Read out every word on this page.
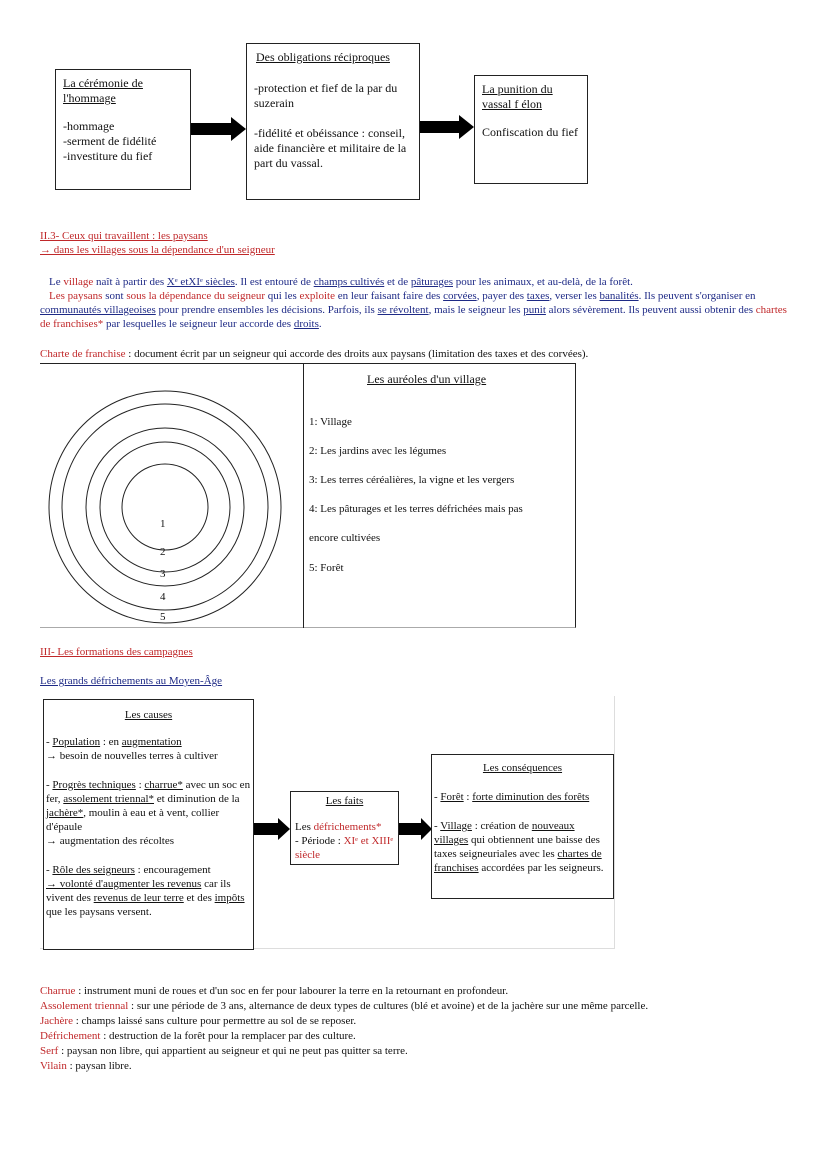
La cérémonie de l'hommage

-hommage

-serment de fidélité

-investiture du fief

Des obligations réciproques

-protection et fief de la par du suzerain

-fidélité et obéissance : conseil, aide financière et militaire de la part du vassal.

La punition du vassal f élon

Confiscation du fief

II.3- Ceux qui travaillent : les paysans

→ dans les villages sous la dépendance d'un seigneur

Le village naît à partir des Xᵉ etXIᵉ siècles. Il est entouré de champs cultivés et de pâturages pour les animaux, et au-delà, de la forêt.
Les paysans sont sous la dépendance du seigneur qui les exploite en leur faisant faire des corvées, payer des taxes, verser les banalités. Ils peuvent s'organiser en communautés villageoises pour prendre ensembles les décisions. Parfois, ils se révoltent, mais le seigneur les punit alors sévèrement. Ils peuvent aussi obtenir des chartes de franchises* par lesquelles le seigneur leur accorde des droits.

Charte de franchise : document écrit par un seigneur qui accorde des droits aux paysans (limitation des taxes et des corvées).

1
2
3
4
5

Les auréoles d'un village

1: Village

2: Les jardins avec les légumes

3: Les terres céréalières, la vigne et les vergers

4: Les pâturages et les terres défrichées mais pas

encore cultivées

5: Forêt

III- Les formations des campagnes

Les grands défrichements au Moyen-Âge

Les causes

- Population : en augmentation

→ besoin de nouvelles terres à cultiver

- Progrès techniques : charrue* avec un soc en fer, assolement triennal* et diminution de la jachère*, moulin à eau et à vent, collier d'épaule

→ augmentation des récoltes

- Rôle des seigneurs : encouragement

→ volonté d'augmenter les revenus car ils vivent des revenus de leur terre et des impôts que les paysans versent.

Les faits

Les défrichements*

- Période : XIᵉ et XIIIᵉ siècle

Les conséquences

- Forêt : forte diminution des forêts

- Village : création de nouveaux villages qui obtiennent une baisse des taxes seigneuriales avec les chartes de franchises accordées par les seigneurs.

Charrue : instrument muni de roues et d'un soc en fer pour labourer la terre en la retournant en profondeur.

Assolement triennal : sur une période de 3 ans, alternance de deux types de cultures (blé et avoine) et de la jachère sur une même parcelle.

Jachère : champs laissé sans culture pour permettre au sol de se reposer.

Défrichement : destruction de la forêt pour la remplacer par des culture.

Serf : paysan non libre, qui appartient au seigneur et qui ne peut pas quitter sa terre.

Vilain : paysan libre.
